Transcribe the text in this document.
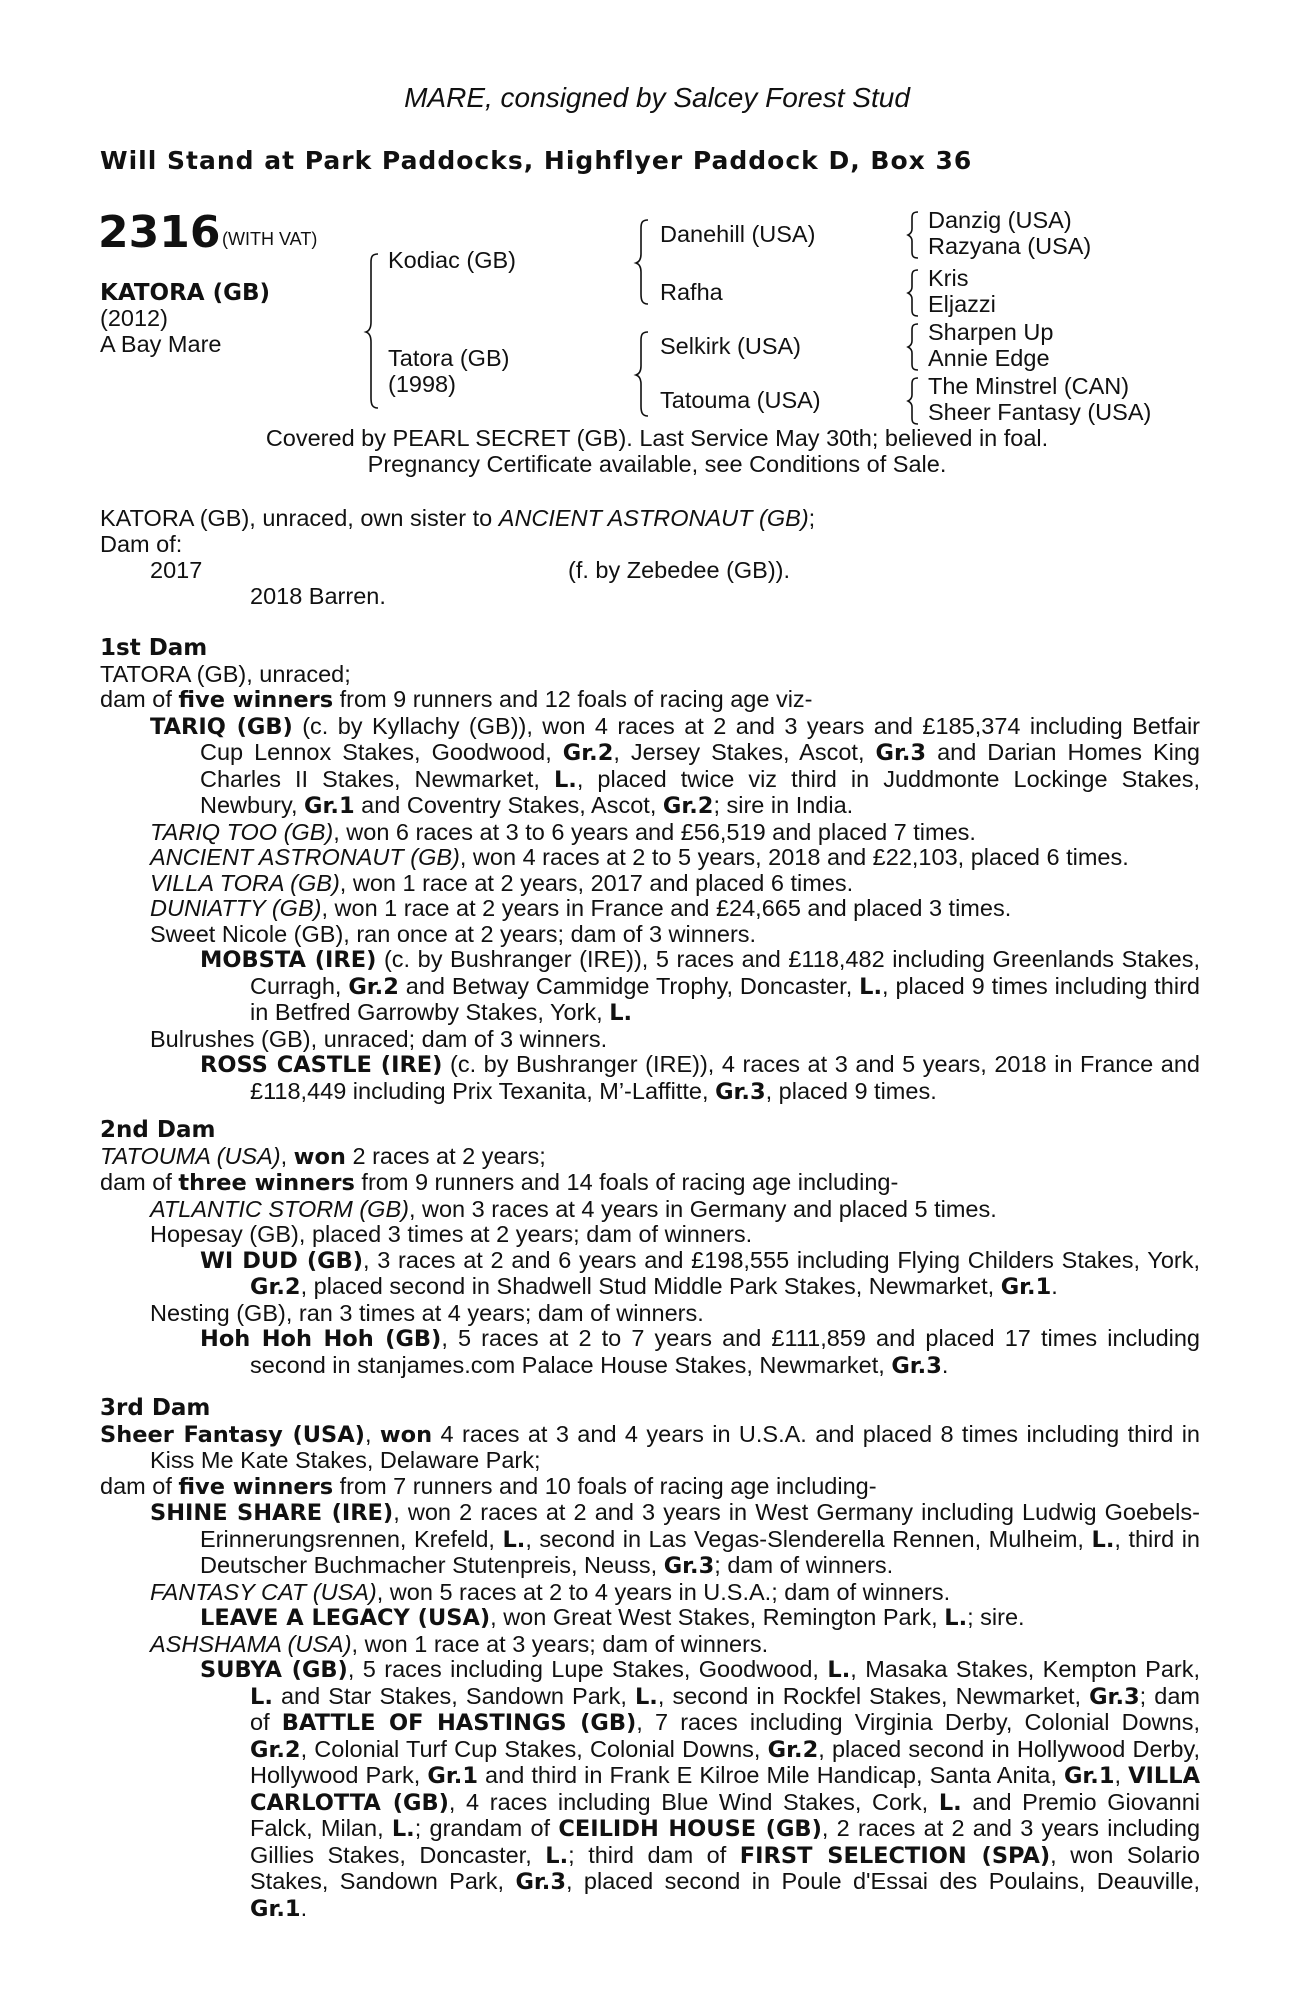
MARE, consigned by Salcey Forest Stud
Will Stand at Park Paddocks, Highflyer Paddock D, Box 36
2316 (WITH VAT)
KATORA (GB)
(2012)
A Bay Mare
Kodiac (GB)
Tatora (GB)
(1998)
Danehill (USA)
Rafha
Selkirk (USA)
Tatouma (USA)
Danzig (USA)
Razyana (USA)
Kris
Eljazzi
Sharpen Up
Annie Edge
The Minstrel (CAN)
Sheer Fantasy (USA)
Covered by PEARL SECRET (GB). Last Service May 30th; believed in foal.
Pregnancy Certificate available, see Conditions of Sale.
KATORA (GB), unraced, own sister to ANCIENT ASTRONAUT (GB);
Dam of:
2017	(f. by Zebedee (GB)).
2018 Barren.

1st Dam

TATORA (GB), unraced;

dam of five winners from 9 runners and 12 foals of racing age viz-

TARIQ (GB) (c. by Kyllachy (GB)), won 4 races at 2 and 3 years and £185,374 including Betfair Cup Lennox Stakes, Goodwood, Gr.2, Jersey Stakes, Ascot, Gr.3 and Darian Homes King Charles II Stakes, Newmarket, L., placed twice viz third in Juddmonte Lockinge Stakes, Newbury, Gr.1 and Coventry Stakes, Ascot, Gr.2; sire in India.

TARIQ TOO (GB), won 6 races at 3 to 6 years and £56,519 and placed 7 times.

ANCIENT ASTRONAUT (GB), won 4 races at 2 to 5 years, 2018 and £22,103, placed 6 times.

VILLA TORA (GB), won 1 race at 2 years, 2017 and placed 6 times.

DUNIATTY (GB), won 1 race at 2 years in France and £24,665 and placed 3 times.

Sweet Nicole (GB), ran once at 2 years; dam of 3 winners.

MOBSTA (IRE) (c. by Bushranger (IRE)), 5 races and £118,482 including Greenlands Stakes, Curragh, Gr.2 and Betway Cammidge Trophy, Doncaster, L., placed 9 times including third in Betfred Garrowby Stakes, York, L.

Bulrushes (GB), unraced; dam of 3 winners.

ROSS CASTLE (IRE) (c. by Bushranger (IRE)), 4 races at 3 and 5 years, 2018 in France and £118,449 including Prix Texanita, M’-Laffitte, Gr.3, placed 9 times.

2nd Dam

TATOUMA (USA), won 2 races at 2 years;

dam of three winners from 9 runners and 14 foals of racing age including-

ATLANTIC STORM (GB), won 3 races at 4 years in Germany and placed 5 times.

Hopesay (GB), placed 3 times at 2 years; dam of winners.

WI DUD (GB), 3 races at 2 and 6 years and £198,555 including Flying Childers Stakes, York, Gr.2, placed second in Shadwell Stud Middle Park Stakes, Newmarket, Gr.1.

Nesting (GB), ran 3 times at 4 years; dam of winners.

Hoh Hoh Hoh (GB), 5 races at 2 to 7 years and £111,859 and placed 17 times including second in stanjames.com Palace House Stakes, Newmarket, Gr.3.

3rd Dam

Sheer Fantasy (USA), won 4 races at 3 and 4 years in U.S.A. and placed 8 times including third in Kiss Me Kate Stakes, Delaware Park;

dam of five winners from 7 runners and 10 foals of racing age including-

SHINE SHARE (IRE), won 2 races at 2 and 3 years in West Germany including Ludwig Goebels-Erinnerungsrennen, Krefeld, L., second in Las Vegas-Slenderella Rennen, Mulheim, L., third in Deutscher Buchmacher Stutenpreis, Neuss, Gr.3; dam of winners.

FANTASY CAT (USA), won 5 races at 2 to 4 years in U.S.A.; dam of winners.

LEAVE A LEGACY (USA), won Great West Stakes, Remington Park, L.; sire.

ASHSHAMA (USA), won 1 race at 3 years; dam of winners.

SUBYA (GB), 5 races including Lupe Stakes, Goodwood, L., Masaka Stakes, Kempton Park, L. and Star Stakes, Sandown Park, L., second in Rockfel Stakes, Newmarket, Gr.3; dam of BATTLE OF HASTINGS (GB), 7 races including Virginia Derby, Colonial Downs, Gr.2, Colonial Turf Cup Stakes, Colonial Downs, Gr.2, placed second in Hollywood Derby, Hollywood Park, Gr.1 and third in Frank E Kilroe Mile Handicap, Santa Anita, Gr.1, VILLA CARLOTTA (GB), 4 races including Blue Wind Stakes, Cork, L. and Premio Giovanni Falck, Milan, L.; grandam of CEILIDH HOUSE (GB), 2 races at 2 and 3 years including Gillies Stakes, Doncaster, L.; third dam of FIRST SELECTION (SPA), won Solario Stakes, Sandown Park, Gr.3, placed second in Poule d'Essai des Poulains, Deauville, Gr.1.
